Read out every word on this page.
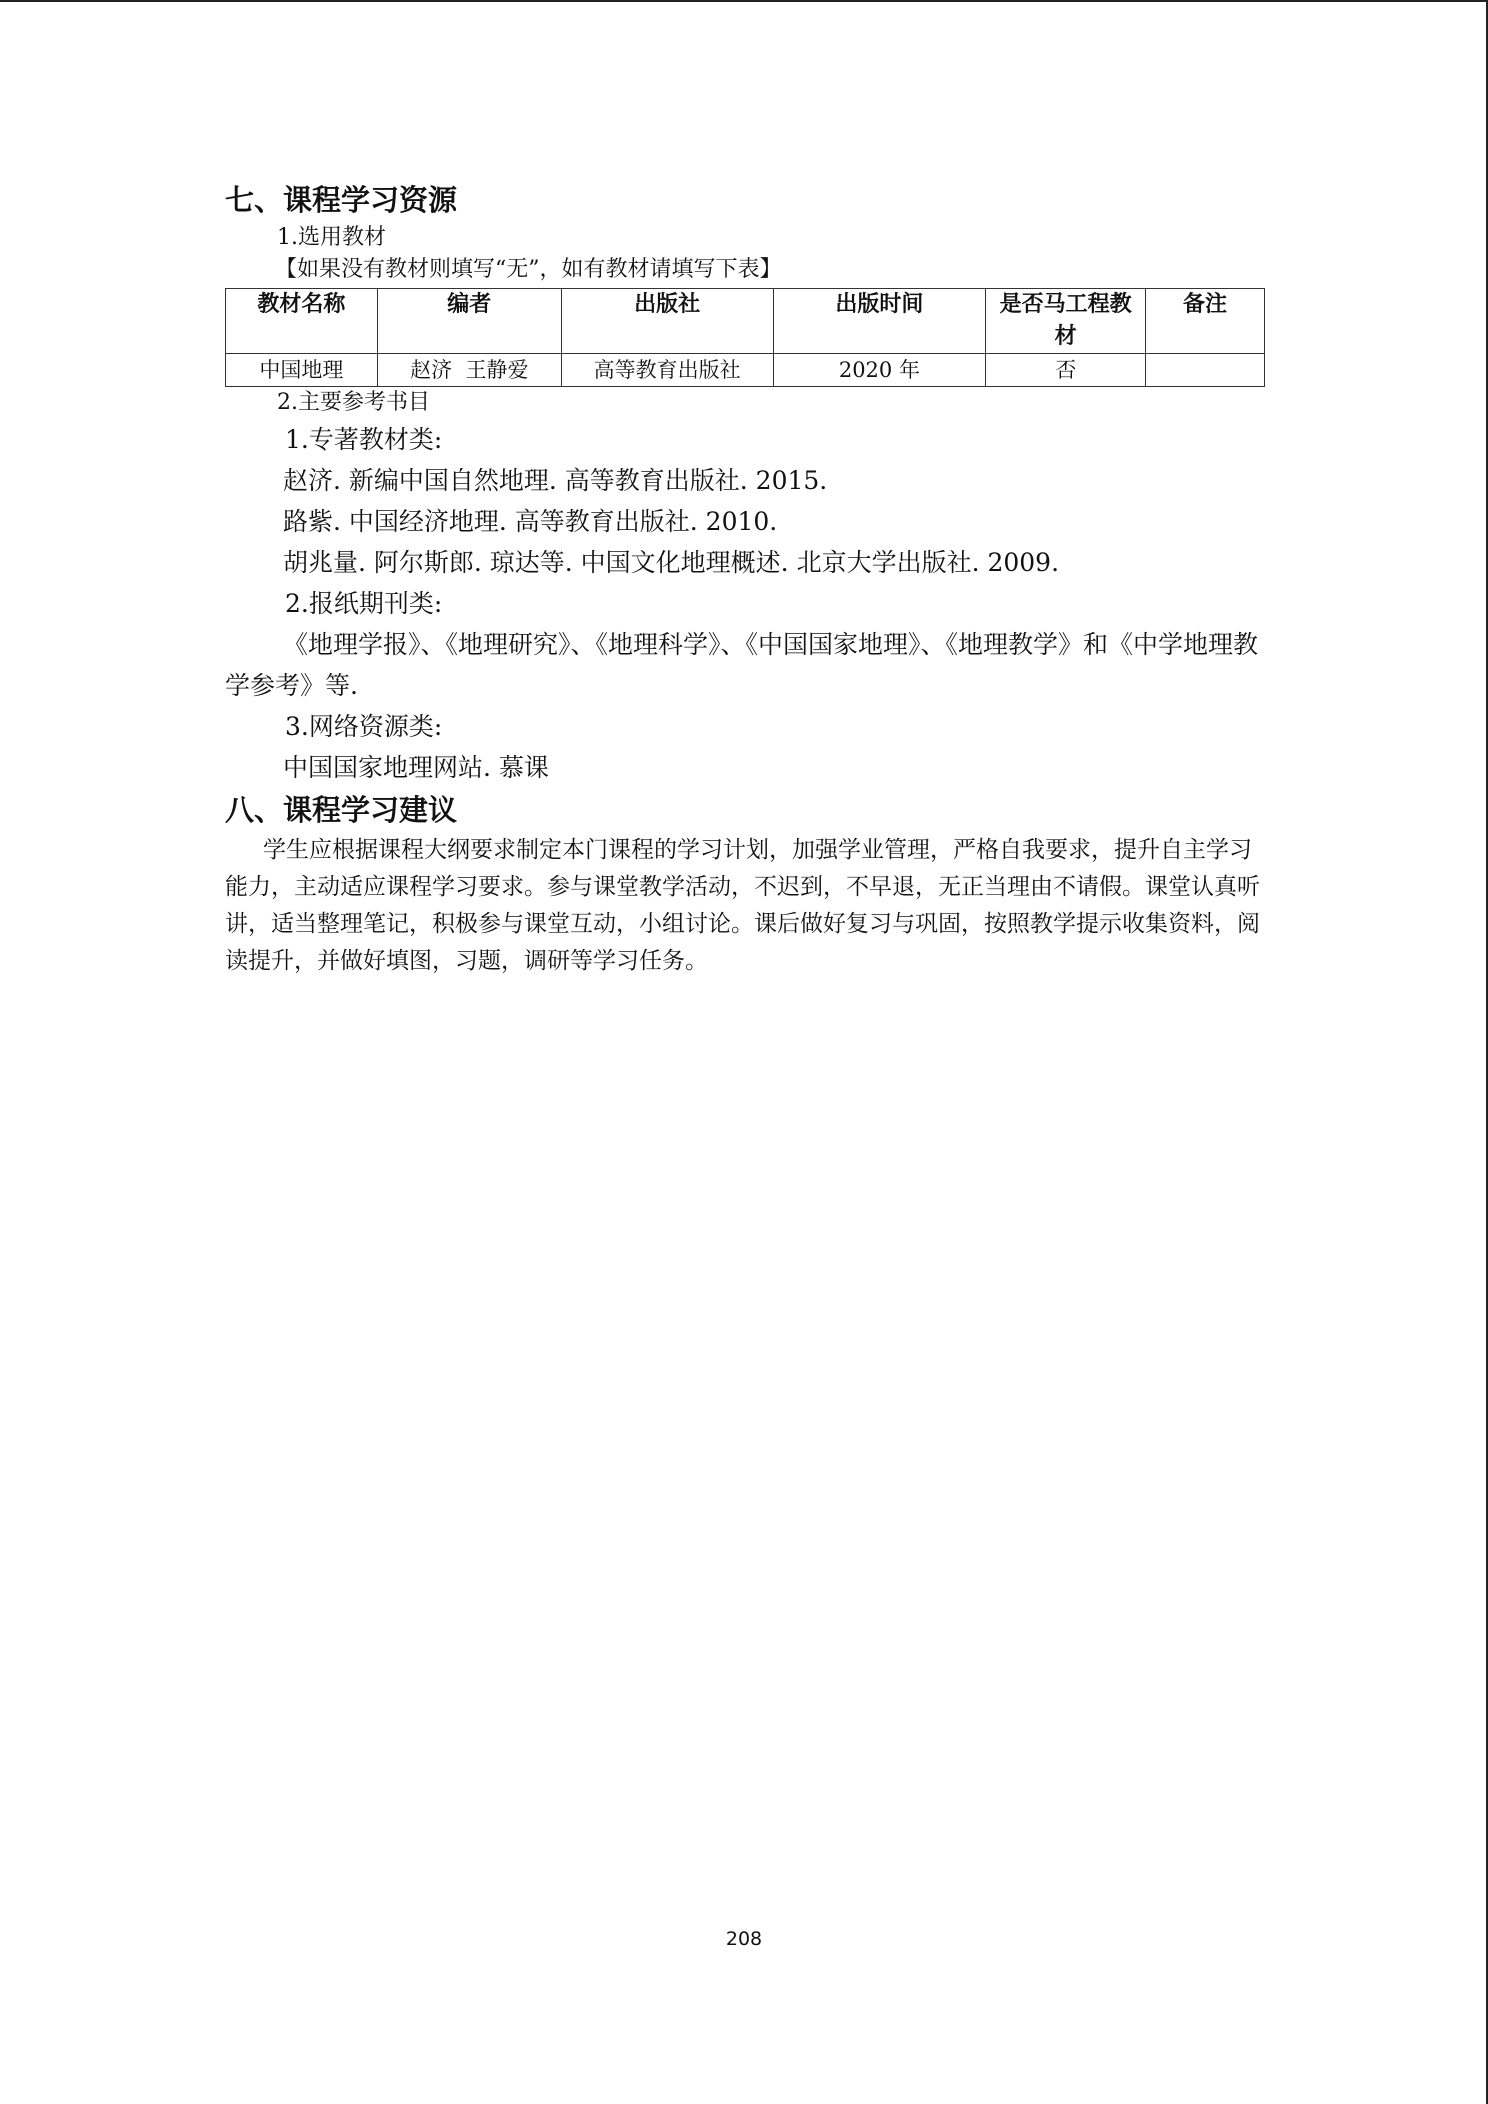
七、课程学习资源

1.选用教材

【如果没有教材则填写“无”，如有教材请填写下表】

教材名称	编者	出版社	出版时间	是否马工程教材	备注
中国地理	赵济  王静爱	高等教育出版社	2020 年	否	

2.主要参考书目

1.专著教材类:

赵济. 新编中国自然地理. 高等教育出版社. 2015.

路紫. 中国经济地理. 高等教育出版社. 2010.

胡兆量. 阿尔斯郎. 琼达等. 中国文化地理概述. 北京大学出版社. 2009.

2.报纸期刊类:

《地理学报》、《地理研究》、《地理科学》、《中国国家地理》、《地理教学》和《中学地理教学参考》等.

3.网络资源类:

中国国家地理网站. 慕课

八、课程学习建议

学生应根据课程大纲要求制定本门课程的学习计划，加强学业管理，严格自我要求，提升自主学习能力，主动适应课程学习要求。参与课堂教学活动，不迟到，不早退，无正当理由不请假。课堂认真听讲，适当整理笔记，积极参与课堂互动，小组讨论。课后做好复习与巩固，按照教学提示收集资料，阅读提升，并做好填图，习题，调研等学习任务。

208
